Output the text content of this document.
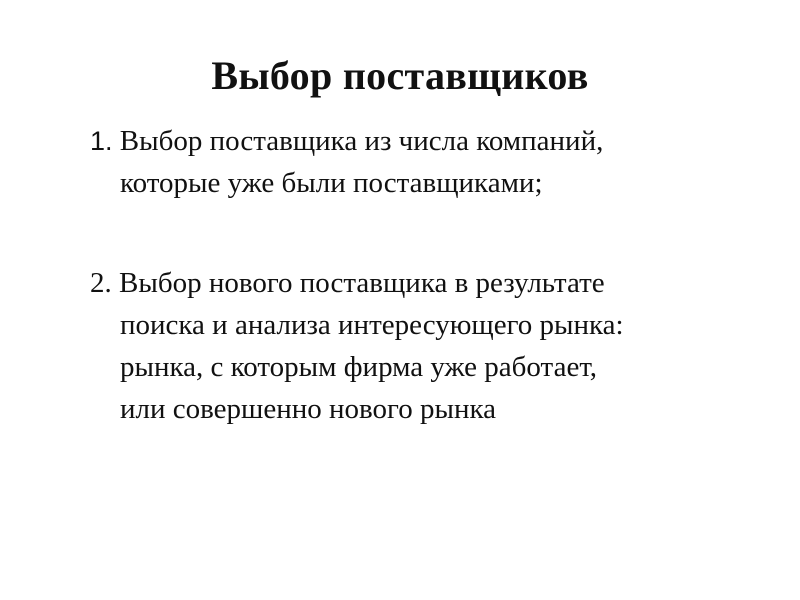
Выбор поставщиков
1. Выбор поставщика из числа компаний,
которые уже были поставщиками;
2. Выбор нового поставщика в результате
поиска и анализа интересующего рынка:
рынка, с которым фирма уже работает,
или совершенно нового рынка
